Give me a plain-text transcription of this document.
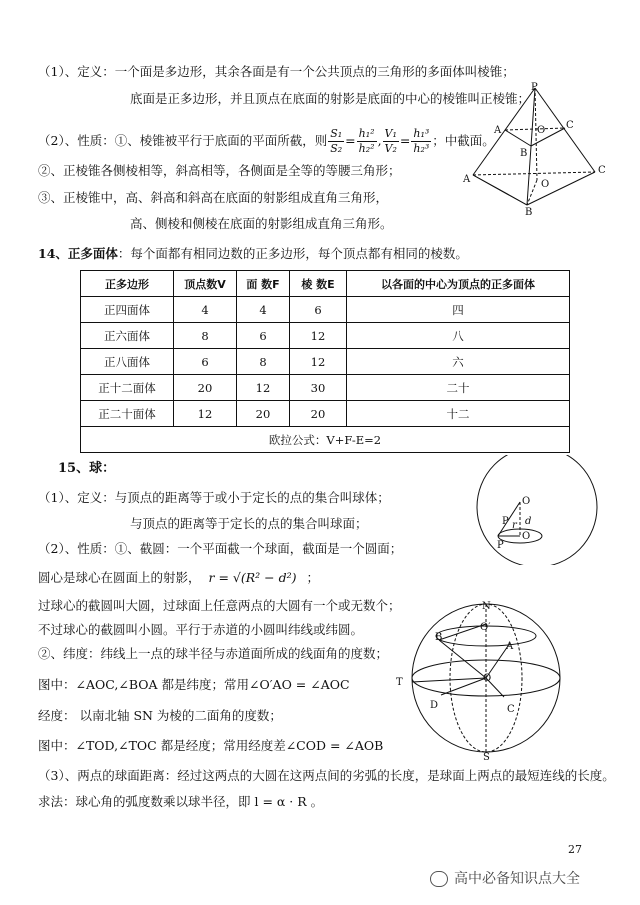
（1）、定义：一个面是多边形，其余各面是有一个公共顶点的三角形的多面体叫棱锥；
底面是正多边形，并且顶点在底面的射影是底面的中心的棱锥叫正棱锥；
（2）、性质：①、棱锥被平行于底面的平面所截，则 $\frac{\text{S₁}}{\text{S₂}} = \frac{\text{h₁²}}{\text{h₂²}}$ , $\frac{\text{V₁}}{\text{V₂}} = \frac{\text{h₁³}}{\text{h₂³}}$ ；中截面。
②、正棱锥各侧棱相等，斜高相等，各侧面是全等的等腰三角形；
③、正棱锥中，高、斜高和斜高在底面的射影组成直角三角形，
高、侧棱和侧棱在底面的射影组成直角三角形。
P
A	C
O
B
A	O
C
B
14、正多面体：每个面都有相同边数的正多边形，每个顶点都有相同的棱数。
正多边形	顶点数V	面 数F	棱 数E	以各面的中心为顶点的正多面体
正四面体	4	4	6	四
正六面体	8	6	12	八
正八面体	6	8	12	六
正十二面体	20	12	30	二十
正二十面体	12	20	20	十二
欧拉公式：V+F-E=2				
15、球：
（1）、定义：与顶点的距离等于或小于定长的点的集合叫球体；
与顶点的距离等于定长的点的集合叫球面；
（2）、性质：①、截圆：一个平面截一个球面，截面是一个圆面；
圆心是球心在圆面上的射影， r = √(R² − d²) ；
过球心的截圆叫大圆，过球面上任意两点的大圆有一个或无数个；
不过球心的截圆叫小圆。平行于赤道的小圆叫纬线或纬圆。
②、纬度：纬线上一点的球半径与赤道面所成的线面角的度数；
图中：∠AOC,∠BOA 都是纬度；常用∠O′AO = ∠AOC
经度： 以南北轴 SN 为棱的二面角的度数；
图中：∠TOD,∠TOC 都是经度；常用经度差∠COD = ∠AOB
（3）、两点的球面距离：经过这两点的大圆在这两点间的劣弧的长度，是球面上两点的最短连线的长度。
求法：球心角的弧度数乘以球半径，即 l = α · R 。
O
P r d
O
P
N
B
O′
A
T	O
D	C
S
27
高中必备知识点大全
